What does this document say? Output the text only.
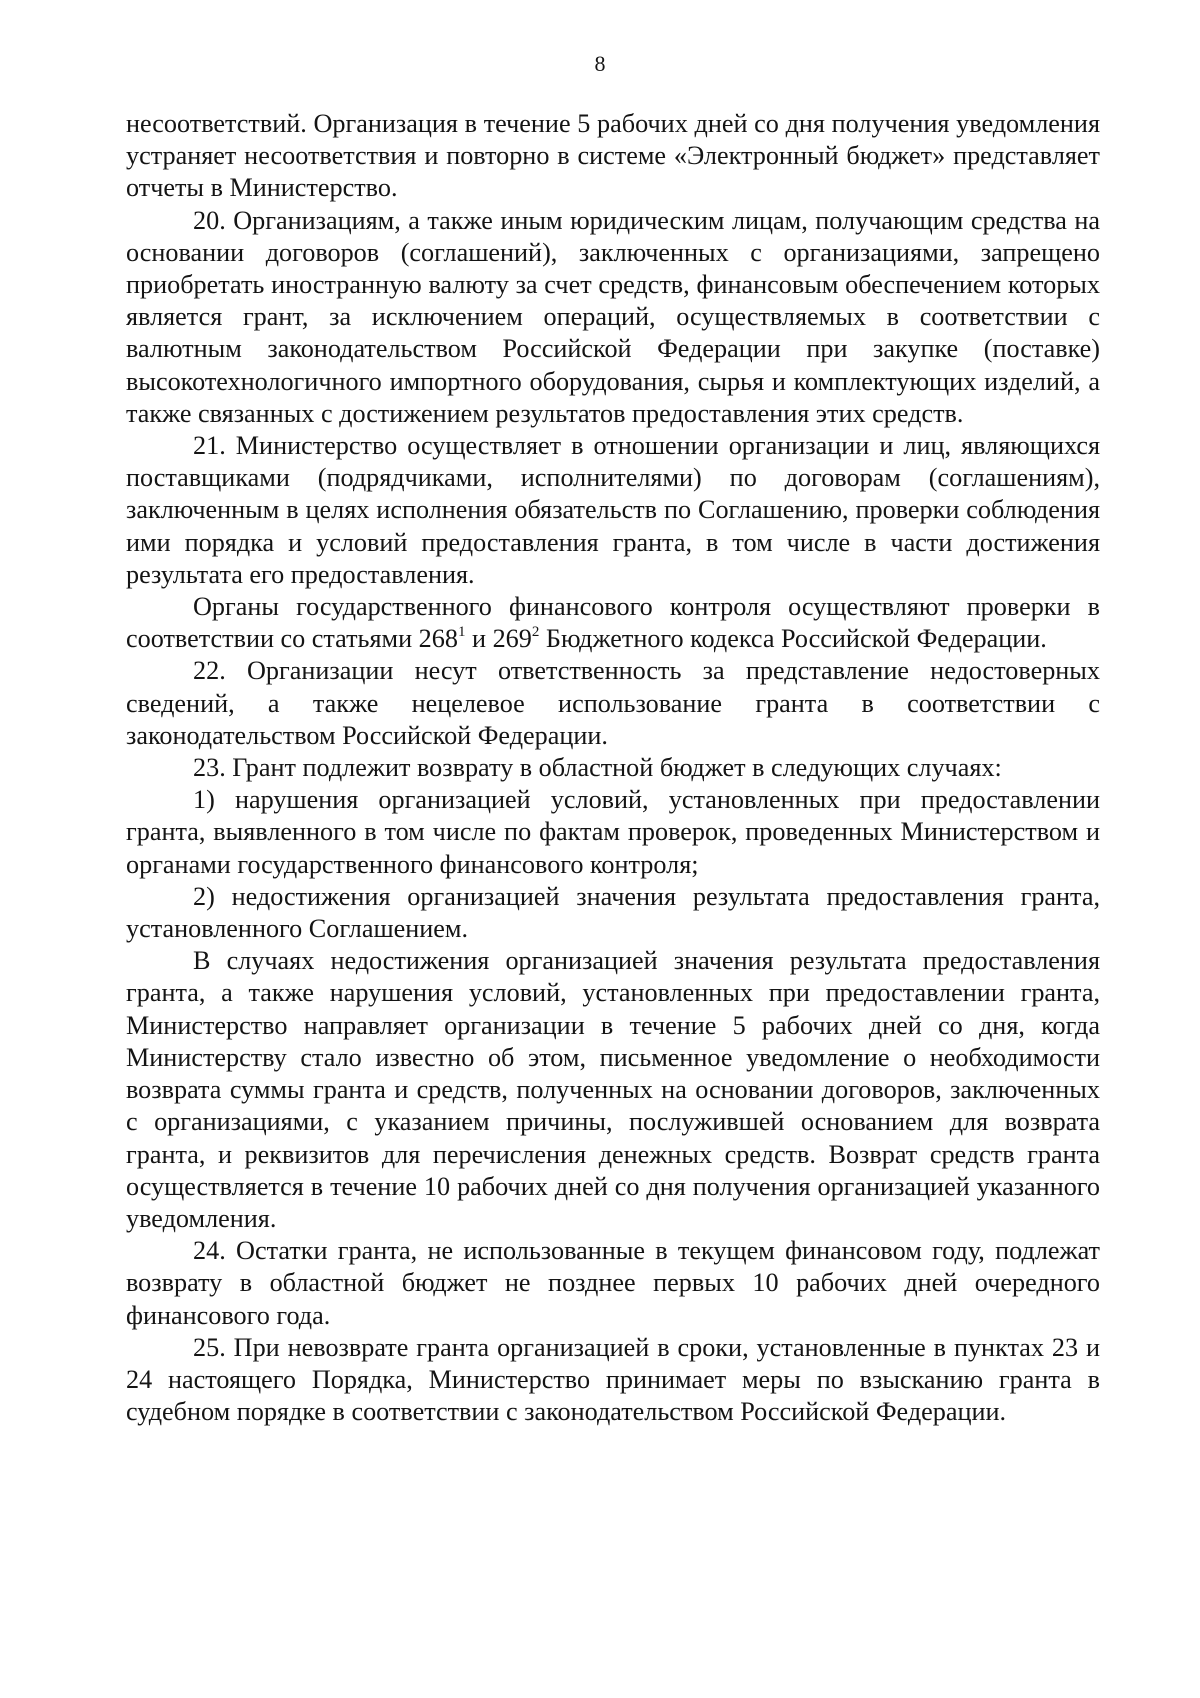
8

несоответствий. Организация в течение 5 рабочих дней со дня получения уведомления устраняет несоответствия и повторно в системе «Электронный бюджет» представляет отчеты в Министерство.

20. Организациям, а также иным юридическим лицам, получающим средства на основании договоров (соглашений), заключенных с организациями, запрещено приобретать иностранную валюту за счет средств, финансовым обеспечением которых является грант, за исключением операций, осуществляемых в соответствии с валютным законодательством Российской Федерации при закупке (поставке) высокотехнологичного импортного оборудования, сырья и комплектующих изделий, а также связанных с достижением результатов предоставления этих средств.

21. Министерство осуществляет в отношении организации и лиц, являющихся поставщиками (подрядчиками, исполнителями) по договорам (соглашениям), заключенным в целях исполнения обязательств по Соглашению, проверки соблюдения ими порядка и условий предоставления гранта, в том числе в части достижения результата его предоставления.

Органы государственного финансового контроля осуществляют проверки в соответствии со статьями $268^1$ и $269^2$ Бюджетного кодекса Российской Федерации.

22. Организации несут ответственность за представление недостоверных сведений, а также нецелевое использование гранта в соответствии с законодательством Российской Федерации.

23. Грант подлежит возврату в областной бюджет в следующих случаях:

1) нарушения организацией условий, установленных при предоставлении гранта, выявленного в том числе по фактам проверок, проведенных Министерством и органами государственного финансового контроля;

2) недостижения организацией значения результата предоставления гранта, установленного Соглашением.

В случаях недостижения организацией значения результата предоставления гранта, а также нарушения условий, установленных при предоставлении гранта, Министерство направляет организации в течение 5 рабочих дней со дня, когда Министерству стало известно об этом, письменное уведомление о необходимости возврата суммы гранта и средств, полученных на основании договоров, заключенных с организациями, с указанием причины, послужившей основанием для возврата гранта, и реквизитов для перечисления денежных средств. Возврат средств гранта осуществляется в течение 10 рабочих дней со дня получения организацией указанного уведомления.

24. Остатки гранта, не использованные в текущем финансовом году, подлежат возврату в областной бюджет не позднее первых 10 рабочих дней очередного финансового года.

25. При невозврате гранта организацией в сроки, установленные в пунктах 23 и 24 настоящего Порядка, Министерство принимает меры по взысканию гранта в судебном порядке в соответствии с законодательством Российской Федерации.
